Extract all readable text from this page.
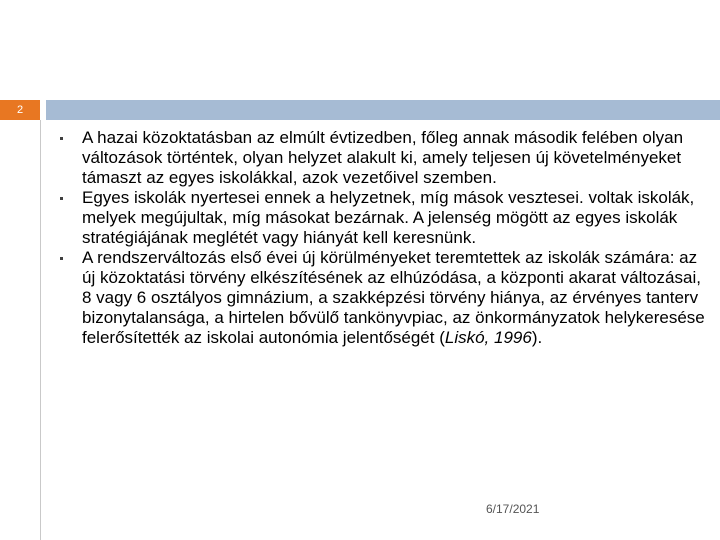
2
A hazai közoktatásban az elmúlt évtizedben, főleg annak második felében olyan változások történtek, olyan helyzet alakult ki, amely teljesen új követelményeket támaszt az egyes iskolákkal, azok vezetőivel szemben.
Egyes iskolák nyertesei ennek a helyzetnek, míg mások vesztesei. voltak iskolák, melyek megújultak, míg másokat bezárnak. A jelenség mögött az egyes iskolák stratégiájának meglétét vagy hiányát kell keresnünk.
A rendszerváltozás első évei új körülményeket teremtettek az iskolák számára: az új közoktatási törvény elkészítésének az elhúzódása, a központi akarat változásai, 8 vagy 6 osztályos gimnázium, a szakképzési törvény hiánya, az érvényes tanterv bizonytalansága, a hirtelen bővülő tankönyvpiac, az önkormányzatok helykeresése felerősítették az iskolai autonómia jelentőségét (Liskó, 1996).
6/17/2021
